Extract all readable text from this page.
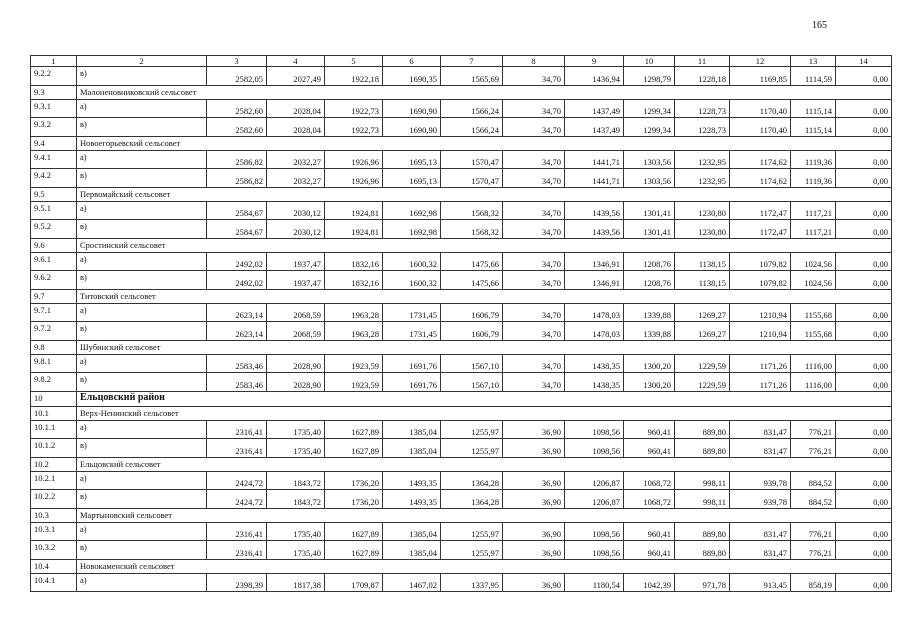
165
1	2	3	4	5	6	7	8	9	10	11	12	13	14
9.2.2	в)	2582,05	2027,49	1922,18	1690,35	1565,69	34,70	1436,94	1298,79	1228,18	1169,85	1114,59	0,00
9.3	Малоненовниковский сельсовет												
9.3.1	а)	2582,60	2028,04	1922,73	1690,90	1566,24	34,70	1437,49	1299,34	1228,73	1170,40	1115,14	0,00
9.3.2	в)	2582,60	2028,04	1922,73	1690,90	1566,24	34,70	1437,49	1299,34	1228,73	1170,40	1115,14	0,00
9.4	Новоегорьевский сельсовет												
9.4.1	а)	2586,82	2032,27	1926,96	1695,13	1570,47	34,70	1441,71	1303,56	1232,95	1174,62	1119,36	0,00
9.4.2	в)	2586,82	2032,27	1926,96	1695,13	1570,47	34,70	1441,71	1303,56	1232,95	1174,62	1119,36	0,00
9.5	Первомайский сельсовет												
9.5.1	а)	2584,67	2030,12	1924,81	1692,98	1568,32	34,70	1439,56	1301,41	1230,80	1172,47	1117,21	0,00
9.5.2	в)	2584,67	2030,12	1924,81	1692,98	1568,32	34,70	1439,56	1301,41	1230,80	1172,47	1117,21	0,00
9.6	Сростинский сельсовет												
9.6.1	а)	2492,02	1937,47	1832,16	1600,32	1475,66	34,70	1346,91	1208,76	1138,15	1079,82	1024,56	0,00
9.6.2	в)	2492,02	1937,47	1832,16	1600,32	1475,66	34,70	1346,91	1208,76	1138,15	1079,82	1024,56	0,00
9.7	Титовский сельсовет												
9.7.1	а)	2623,14	2068,59	1963,28	1731,45	1606,79	34,70	1478,03	1339,88	1269,27	1210,94	1155,68	0,00
9.7.2	в)	2623,14	2068,59	1963,28	1731,45	1606,79	34,70	1478,03	1339,88	1269,27	1210,94	1155,68	0,00
9.8	Шубинский сельсовет												
9.8.1	а)	2583,46	2028,90	1923,59	1691,76	1567,10	34,70	1438,35	1300,20	1229,59	1171,26	1116,00	0,00
9.8.2	в)	2583,46	2028,90	1923,59	1691,76	1567,10	34,70	1438,35	1300,20	1229,59	1171,26	1116,00	0,00
10	Ельцовский район												
10.1	Верх-Ненинский сельсовет												
10.1.1	а)	2316,41	1735,40	1627,89	1385,04	1255,97	36,90	1098,56	960,41	889,80	831,47	776,21	0,00
10.1.2	в)	2316,41	1735,40	1627,89	1385,04	1255,97	36,90	1098,56	960,41	889,80	831,47	776,21	0,00
10.2	Ельцовский сельсовет												
10.2.1	а)	2424,72	1843,72	1736,20	1493,35	1364,28	36,90	1206,87	1068,72	998,11	939,78	884,52	0,00
10.2.2	в)	2424,72	1843,72	1736,20	1493,35	1364,28	36,90	1206,87	1068,72	998,11	939,78	884,52	0,00
10.3	Мартыновский сельсовет												
10.3.1	а)	2316,41	1735,40	1627,89	1385,04	1255,97	36,90	1098,56	960,41	889,80	831,47	776,21	0,00
10.3.2	в)	2316,41	1735,40	1627,89	1385,04	1255,97	36,90	1098,56	960,41	889,80	831,47	776,21	0,00
10.4	Новокаменский сельсовет												
10.4.1	а)	2398,39	1817,38	1709,87	1467,02	1337,95	36,90	1180,54	1042,39	971,78	913,45	858,19	0,00
